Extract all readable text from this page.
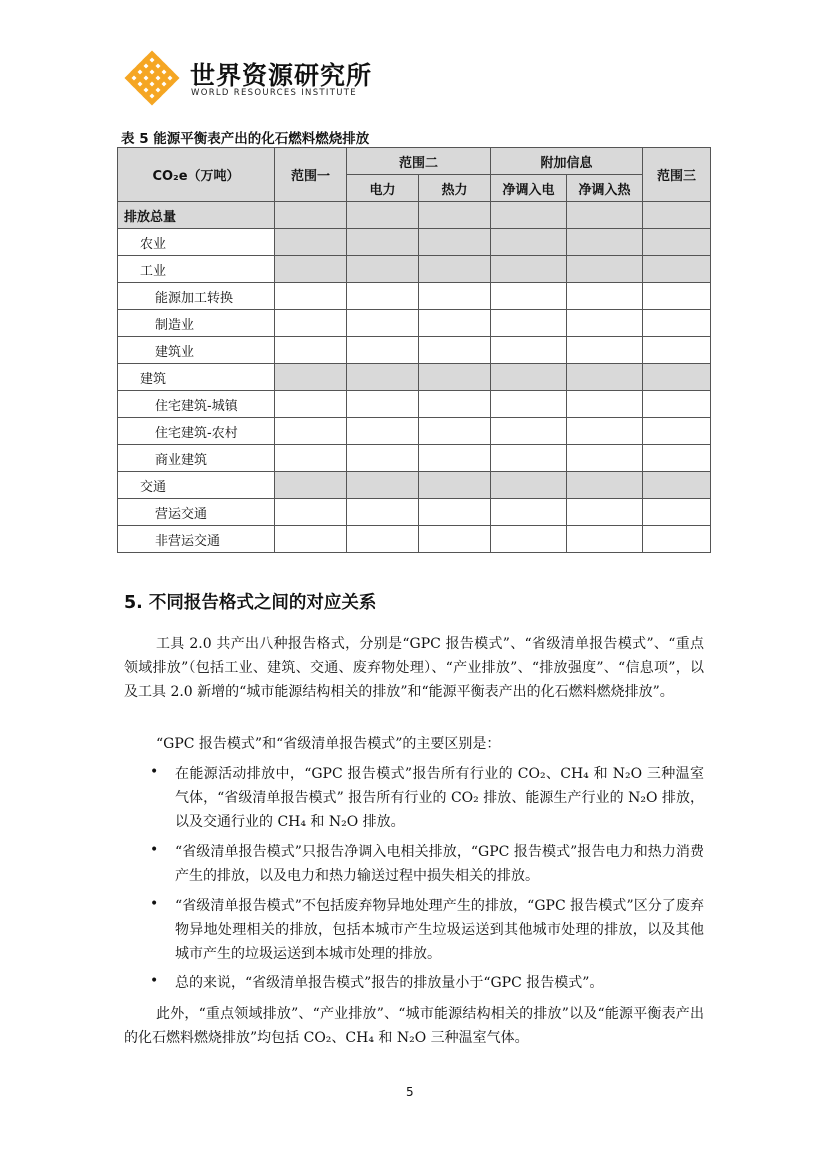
世界资源研究所
WORLD RESOURCES INSTITUTE
表 5 能源平衡表产出的化石燃料燃烧排放
CO₂e（万吨）	范围一	范围二		附加信息		范围三
		电力	热力	净调入电	净调入热	
排放总量						
农业						
工业						
能源加工转换						
制造业						
建筑业						
建筑						
住宅建筑-城镇						
住宅建筑-农村						
商业建筑						
交通						
营运交通						
非营运交通						
5. 不同报告格式之间的对应关系

工具 2.0 共产出八种报告格式，分别是“GPC 报告模式”、“省级清单报告模式”、“重点领域排放”（包括工业、建筑、交通、废弃物处理）、“产业排放”、“排放强度”、“信息项”，以及工具 2.0 新增的“城市能源结构相关的排放”和“能源平衡表产出的化石燃料燃烧排放”。

“GPC 报告模式”和“省级清单报告模式”的主要区别是：

• 在能源活动排放中，“GPC 报告模式”报告所有行业的 CO₂、CH₄ 和 N₂O 三种温室气体，“省级清单报告模式” 报告所有行业的 CO₂ 排放、能源生产行业的 N₂O 排放，以及交通行业的 CH₄ 和 N₂O 排放。

• “省级清单报告模式”只报告净调入电相关排放，“GPC 报告模式”报告电力和热力消费产生的排放，以及电力和热力输送过程中损失相关的排放。

• “省级清单报告模式”不包括废弃物异地处理产生的排放，“GPC 报告模式”区分了废弃物异地处理相关的排放，包括本城市产生垃圾运送到其他城市处理的排放，以及其他城市产生的垃圾运送到本城市处理的排放。

• 总的来说，“省级清单报告模式”报告的排放量小于“GPC 报告模式”。

此外，“重点领域排放”、“产业排放”、“城市能源结构相关的排放”以及“能源平衡表产出的化石燃料燃烧排放”均包括 CO₂、CH₄ 和 N₂O 三种温室气体。

5
